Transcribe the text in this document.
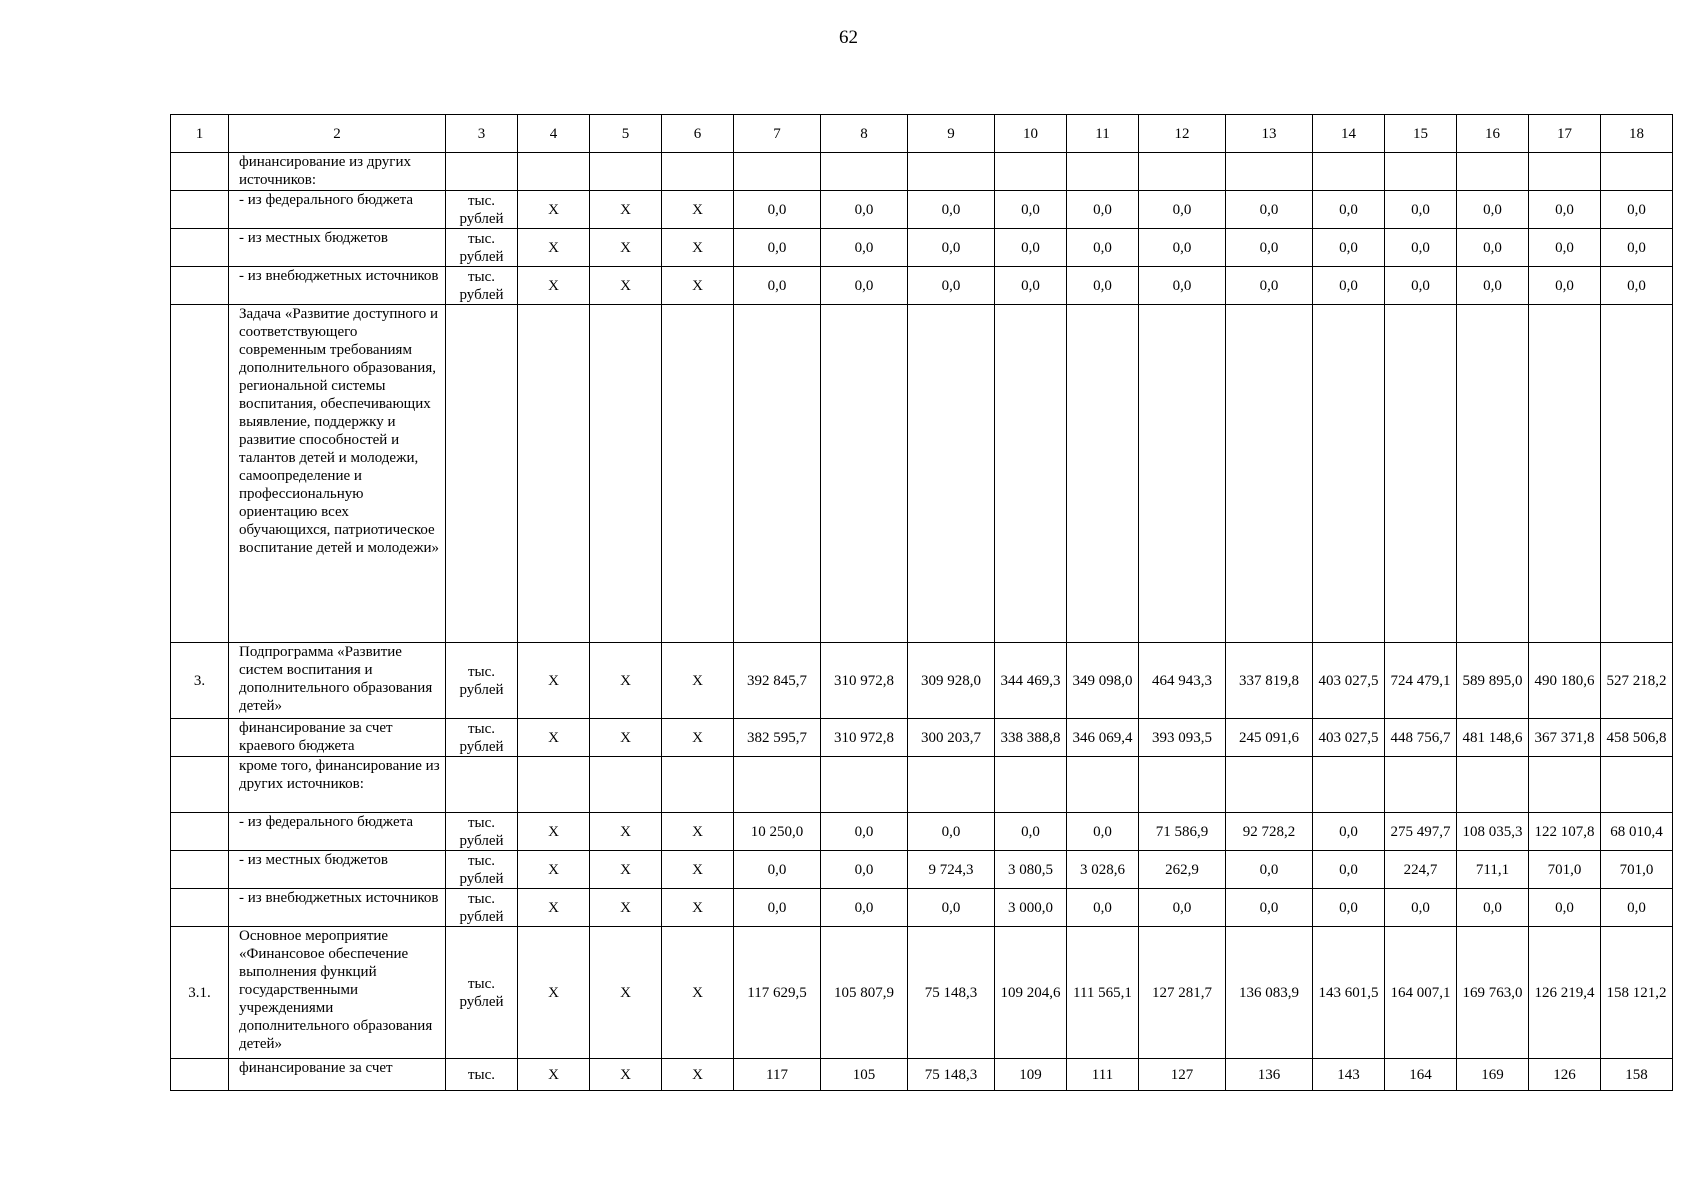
62
1	2	3	4	5	6	7	8	9	10	11	12	13	14	15	16	17	18
	финансирование из других источников:																
	- из федерального бюджета	тыс. рублей	X	X	X	0,0	0,0	0,0	0,0	0,0	0,0	0,0	0,0	0,0	0,0	0,0	0,0
	- из местных бюджетов	тыс. рублей	X	X	X	0,0	0,0	0,0	0,0	0,0	0,0	0,0	0,0	0,0	0,0	0,0	0,0
	- из внебюджетных источников	тыс. рублей	X	X	X	0,0	0,0	0,0	0,0	0,0	0,0	0,0	0,0	0,0	0,0	0,0	0,0
	Задача «Развитие доступного и соответствующего современным требованиям дополнительного образования, региональной системы воспитания, обеспечивающих выявление, поддержку и развитие способностей и талантов детей и молодежи, самоопределение и профессиональную ориентацию всех обучающихся, патриотическое воспитание детей и молодежи»																
3.	Подпрограмма «Развитие систем воспитания и дополнительного образования детей»	тыс. рублей	X	X	X	392 845,7	310 972,8	309 928,0	344 469,3	349 098,0	464 943,3	337 819,8	403 027,5	724 479,1	589 895,0	490 180,6	527 218,2
	финансирование за счет краевого бюджета	тыс. рублей	X	X	X	382 595,7	310 972,8	300 203,7	338 388,8	346 069,4	393 093,5	245 091,6	403 027,5	448 756,7	481 148,6	367 371,8	458 506,8
	кроме того, финансирование из других источников:																
	- из федерального бюджета	тыс. рублей	X	X	X	10 250,0	0,0	0,0	0,0	0,0	71 586,9	92 728,2	0,0	275 497,7	108 035,3	122 107,8	68 010,4
	- из местных бюджетов	тыс. рублей	X	X	X	0,0	0,0	9 724,3	3 080,5	3 028,6	262,9	0,0	0,0	224,7	711,1	701,0	701,0
	- из внебюджетных источников	тыс. рублей	X	X	X	0,0	0,0	0,0	3 000,0	0,0	0,0	0,0	0,0	0,0	0,0	0,0	0,0
3.1.	Основное мероприятие «Финансовое обеспечение выполнения функций государственными учреждениями дополнительного образования детей»	тыс. рублей	X	X	X	117 629,5	105 807,9	75 148,3	109 204,6	111 565,1	127 281,7	136 083,9	143 601,5	164 007,1	169 763,0	126 219,4	158 121,2
	финансирование за счет	тыс.	X	X	X	117	105	75 148,3	109	111	127	136	143	164	169	126	158
